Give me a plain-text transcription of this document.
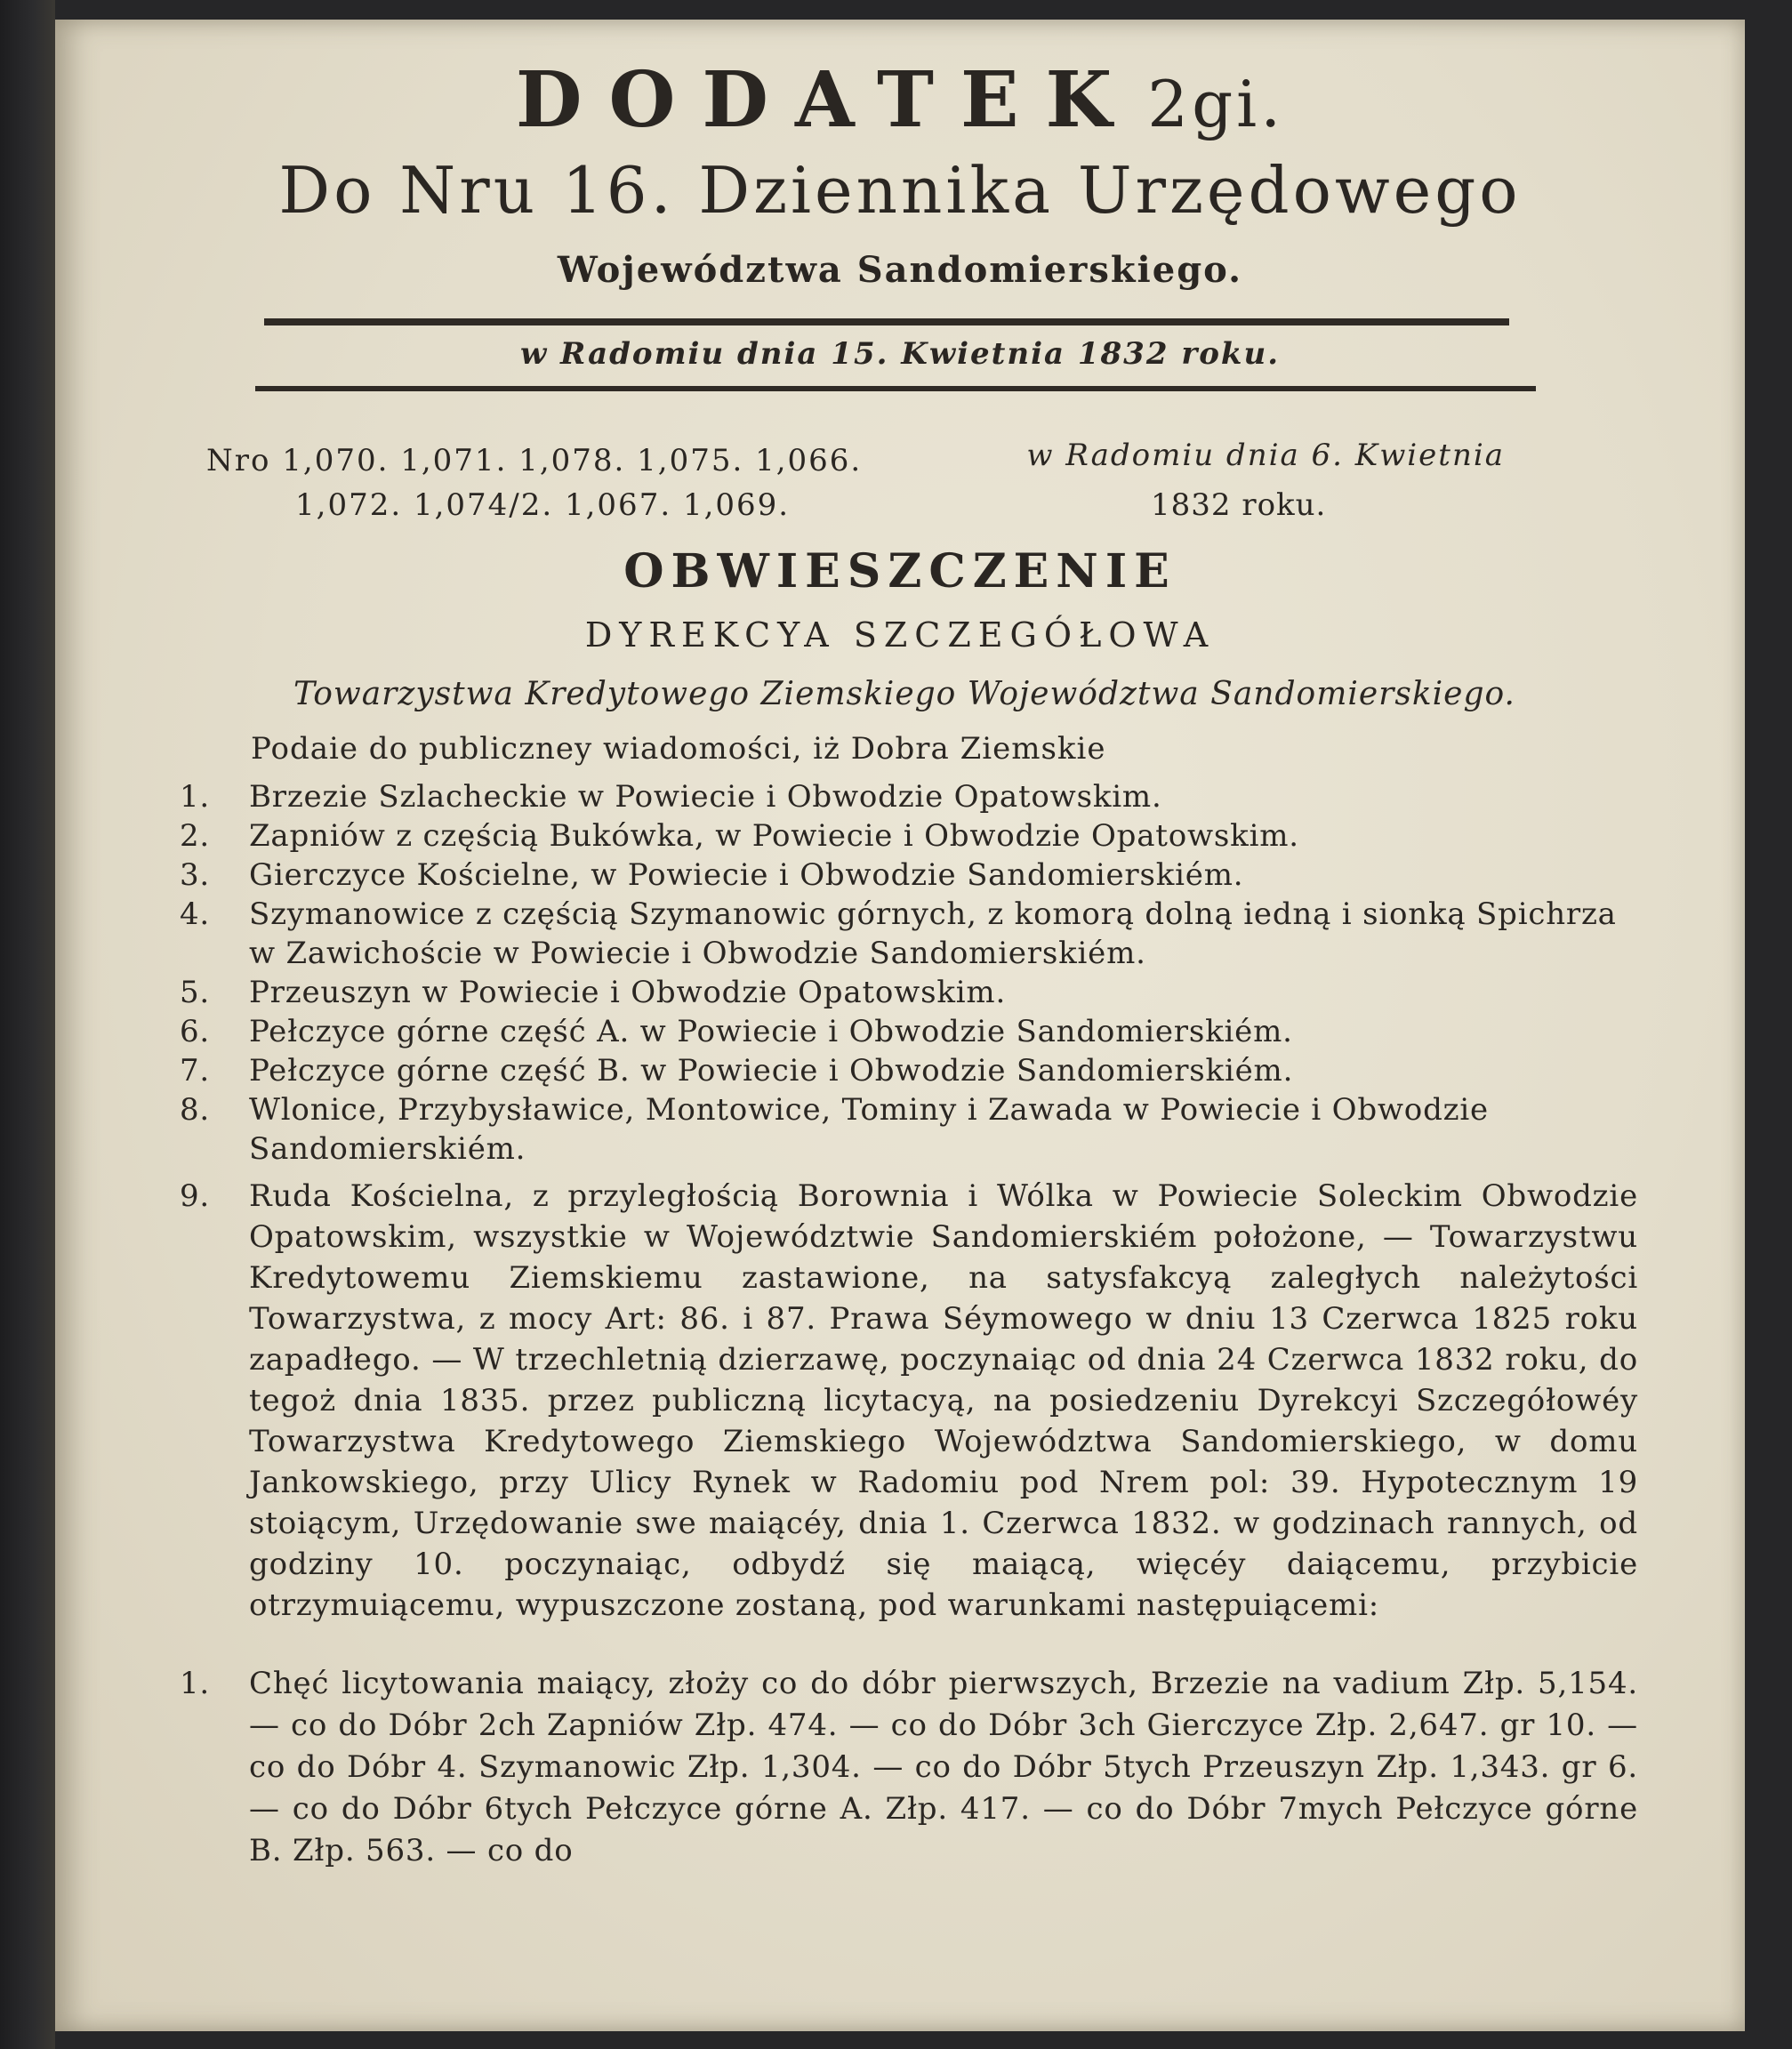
DODATEK 2gi.
Do Nru 16. Dziennika Urzędowego
Województwa Sandomierskiego.
w Radomiu dnia 15. Kwietnia 1832 roku.
Nro 1,070. 1,071. 1,078. 1,075. 1,066.
1,072. 1,074/2. 1,067. 1,069.
w Radomiu dnia 6. Kwietnia
1832 roku.
OBWIESZCZENIE
DYREKCYA SZCZEGÓŁOWA
Towarzystwa Kredytowego Ziemskiego Województwa Sandomierskiego.
Podaie do publiczney wiadomości, iż Dobra Ziemskie
1.	Brzezie Szlacheckie w Powiecie i Obwodzie Opatowskim.
2.	Zapniów z częścią Bukówka, w Powiecie i Obwodzie Opatowskim.
3.	Gierczyce Kościelne, w Powiecie i Obwodzie Sandomierskiém.
4.	Szymanowice z częścią Szymanowic górnych, z komorą dolną iedną i sionką Spichrza w Zawichoście w Powiecie i Obwodzie Sandomierskiém.
5.	Przeuszyn w Powiecie i Obwodzie Opatowskim.
6.	Pełczyce górne część A. w Powiecie i Obwodzie Sandomierskiém.
7.	Pełczyce górne część B. w Powiecie i Obwodzie Sandomierskiém.
8.	Wlonice, Przybysławice, Montowice, Tominy i Zawada w Powiecie i Obwodzie Sandomierskiém.
9.	Ruda Kościelna, z przyległością Borownia i Wólka w Powiecie Soleckim Obwodzie Opatowskim, wszystkie w Województwie Sandomierskiém położone, — Towarzystwu Kredytowemu Ziemskiemu zastawione, na satysfakcyą zaległych należytości Towarzystwa, z mocy Art: 86. i 87. Prawa Séymowego w dniu 13 Czerwca 1825 roku zapadłego. — W trzechletnią dzierzawę, poczynaiąc od dnia 24 Czerwca 1832 roku, do tegoż dnia 1835. przez publiczną licytacyą, na posiedzeniu Dyrekcyi Szczegółowéy Towarzystwa Kredytowego Ziemskiego Województwa Sandomierskiego, w domu Jankowskiego, przy Ulicy Rynek w Radomiu pod Nrem pol: 39. Hypotecznym 19 stoiącym, Urzędowanie swe maiącéy, dnia 1. Czerwca 1832. w godzinach rannych, od godziny 10. poczynaiąc, odbydź się maiącą, więcéy daiącemu, przybicie otrzymuiącemu, wypuszczone zostaną, pod warunkami następuiącemi:
1.	Chęć licytowania maiący, złoży co do dóbr pierwszych, Brzezie na vadium Złp. 5,154. — co do Dóbr 2ch Zapniów Złp. 474. — co do Dóbr 3ch Gierczyce Złp. 2,647. gr 10. — co do Dóbr 4. Szymanowic Złp. 1,304. — co do Dóbr 5tych Przeuszyn Złp. 1,343. gr 6. — co do Dóbr 6tych Pełczyce górne A. Złp. 417. — co do Dóbr 7mych Pełczyce górne B. Złp. 563. — co do
